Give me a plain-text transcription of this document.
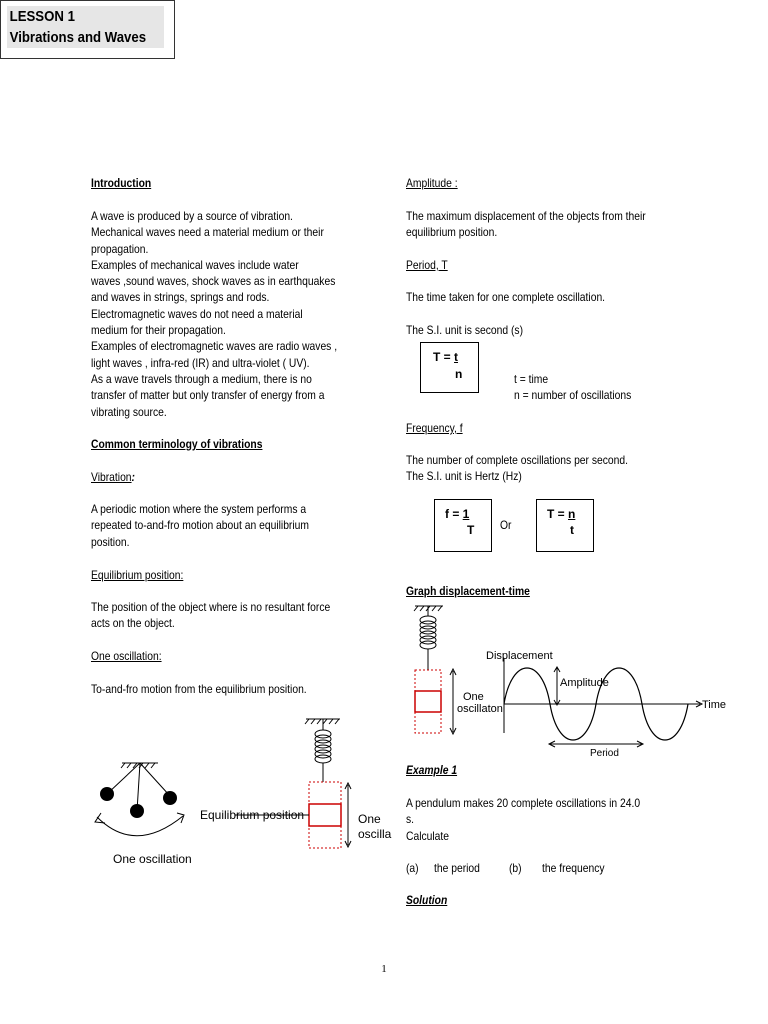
LESSON 1
Vibrations and Waves
Introduction
A wave is produced by a source of vibration.
Mechanical waves need a material medium or their
propagation.
Examples of mechanical waves include water
waves ,sound waves, shock waves as in earthquakes
and waves in strings, springs and rods.
Electromagnetic waves do not need a material
medium for their propagation.
Examples of electromagnetic waves are radio waves ,
light waves , infra-red (IR) and ultra-violet ( UV).
As a wave travels through a medium, there is no
transfer of matter but only transfer of energy from a
vibrating source.
Common terminology of vibrations
Vibration:
A periodic motion where the system performs a
repeated to-and-fro motion about an equilibrium
position.
Equilibrium position:
The position of the object where is no resultant force
acts on the object.
One oscillation:
To-and-fro motion from the equilibrium position.
One oscillation
Equilibrium position	One
oscilla
Amplitude :
The maximum displacement of the objects from their
equilibrium position.
Period, T
The time taken for one complete oscillation.
The S.I. unit is second (s)
T = t
n	t = time
n = number of oscillations
Frequency, f
The number of complete oscillations per second.
The S.I. unit is Hertz (Hz)
f = 1
T Or
T = n
t
Graph displacement-time
One
oscillaton
Displacement
Time
Amplitude
Period
Example 1
A pendulum makes 20 complete oscillations in 24.0
s.
Calculate
(a) the period (b) the frequency
Solution
1
